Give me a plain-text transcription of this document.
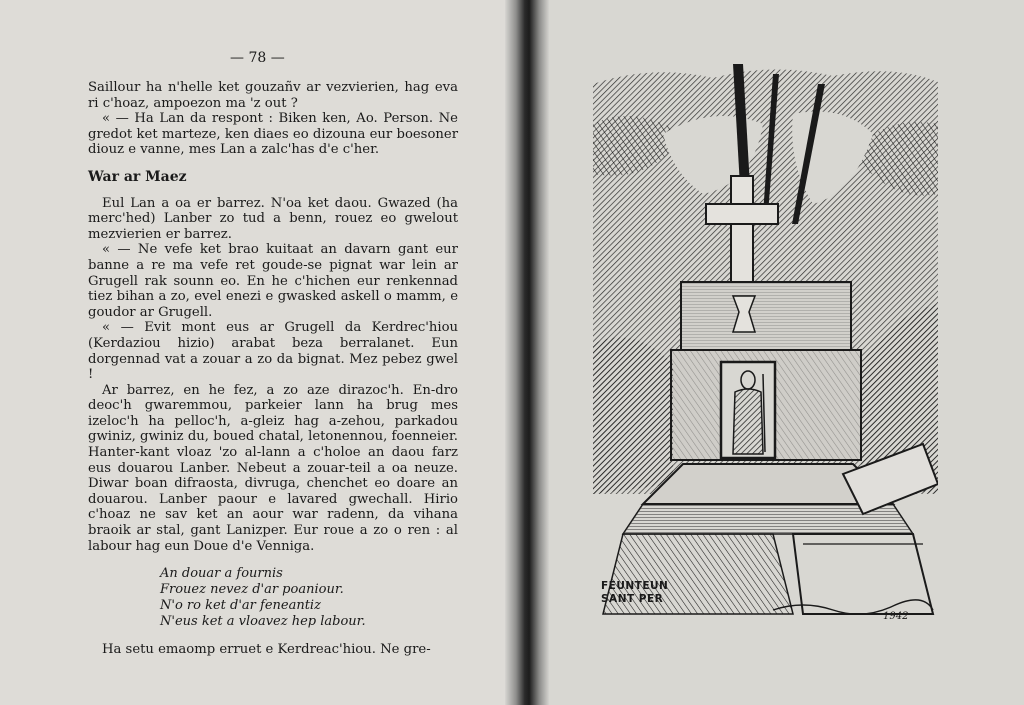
— 78 —

Saillour ha n'helle ket gouzañv ar vezvierien, hag eva ri c'hoaz, ampoezon ma 'z out ?

« — Ha Lan da respont : Biken ken, Ao. Person. Ne gredot ket marteze, ken diaes eo dizouna eur boesoner diouz e vanne, mes Lan a zalc'has d'e c'her.

War ar Maez

Eul Lan a oa er barrez. N'oa ket daou. Gwazed (ha merc'hed) Lanber zo tud a benn, rouez eo gwelout mezvierien er barrez.

« — Ne vefe ket brao kuitaat an davarn gant eur banne a re ma vefe ret goude-se pignat war lein ar Grugell rak sounn eo. En he c'hichen eur renkennad tiez bihan a zo, evel enezi e gwasked askell o mamm, e goudor ar Grugell.

« — Evit mont eus ar Grugell da Kerdrec'hiou (Kerdaziou hizio) arabat beza berralanet. Eun dorgennad vat a zouar a zo da bignat. Mez pebez gwel !

Ar barrez, en he fez, a zo aze dirazoc'h. En-dro deoc'h gwaremmou, parkeier lann ha brug mes izeloc'h ha pelloc'h, a-gleiz hag a-zehou, parkadou gwiniz, gwiniz du, boued chatal, letonennou, foenneier. Hanter-kant vloaz 'zo al-lann a c'holoe an daou farz eus douarou Lanber. Nebeut a zouar-teil a oa neuze. Diwar boan difraosta, divruga, chenchet eo doare an douarou. Lanber paour e lavared gwechall. Hirio c'hoaz ne sav ket an aour war radenn, da vihana braoik ar stal, gant Lanizper. Eur roue a zo o ren : al labour hag eun Doue d'e Venniga.

An douar a fournis
Frouez nevez d'ar poaniour.
N'o ro ket d'ar feneantiz
N'eus ket a vloavez hep labour.

Ha setu emaomp erruet e Kerdreac'hiou. Ne gre-

1942
FEUNTEUN
SANT PER
